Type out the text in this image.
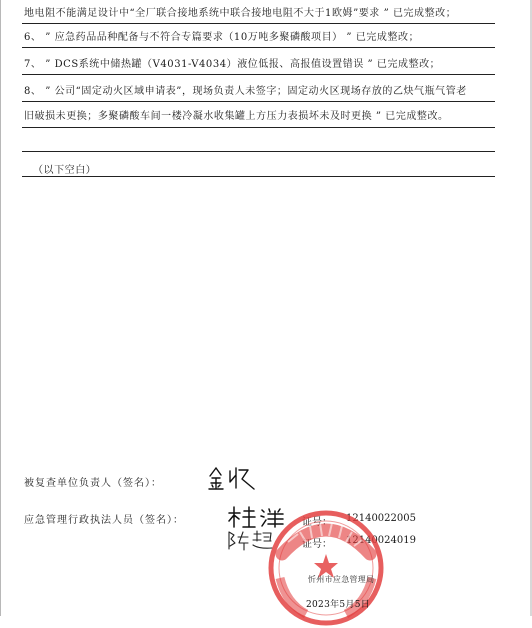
地电阻不能满足设计中“全厂联合接地系统中联合接地电阻不大于1欧姆”要求 ” 已完成整改；
6、 ” 应急药品品种配备与不符合专篇要求（10万吨多聚磷酸项目） ” 已完成整改；
7、 ” DCS系统中储热罐（V4031-V4034）液位低报、高报值设置错误 ” 已完成整改；
8、 ” 公司“固定动火区域申请表”，现场负责人未签字；固定动火区现场存放的乙炔气瓶气管老
旧破损未更换；多聚磷酸车间一楼冷凝水收集罐上方压力表损坏未及时更换 ” 已完成整改。
（以下空白）
被复查单位负责人（签名）：
应急管理行政执法人员（签名）：	证号： 12140022005
证号： 12140024019
忻州市应急管理局
2023年5月5日
